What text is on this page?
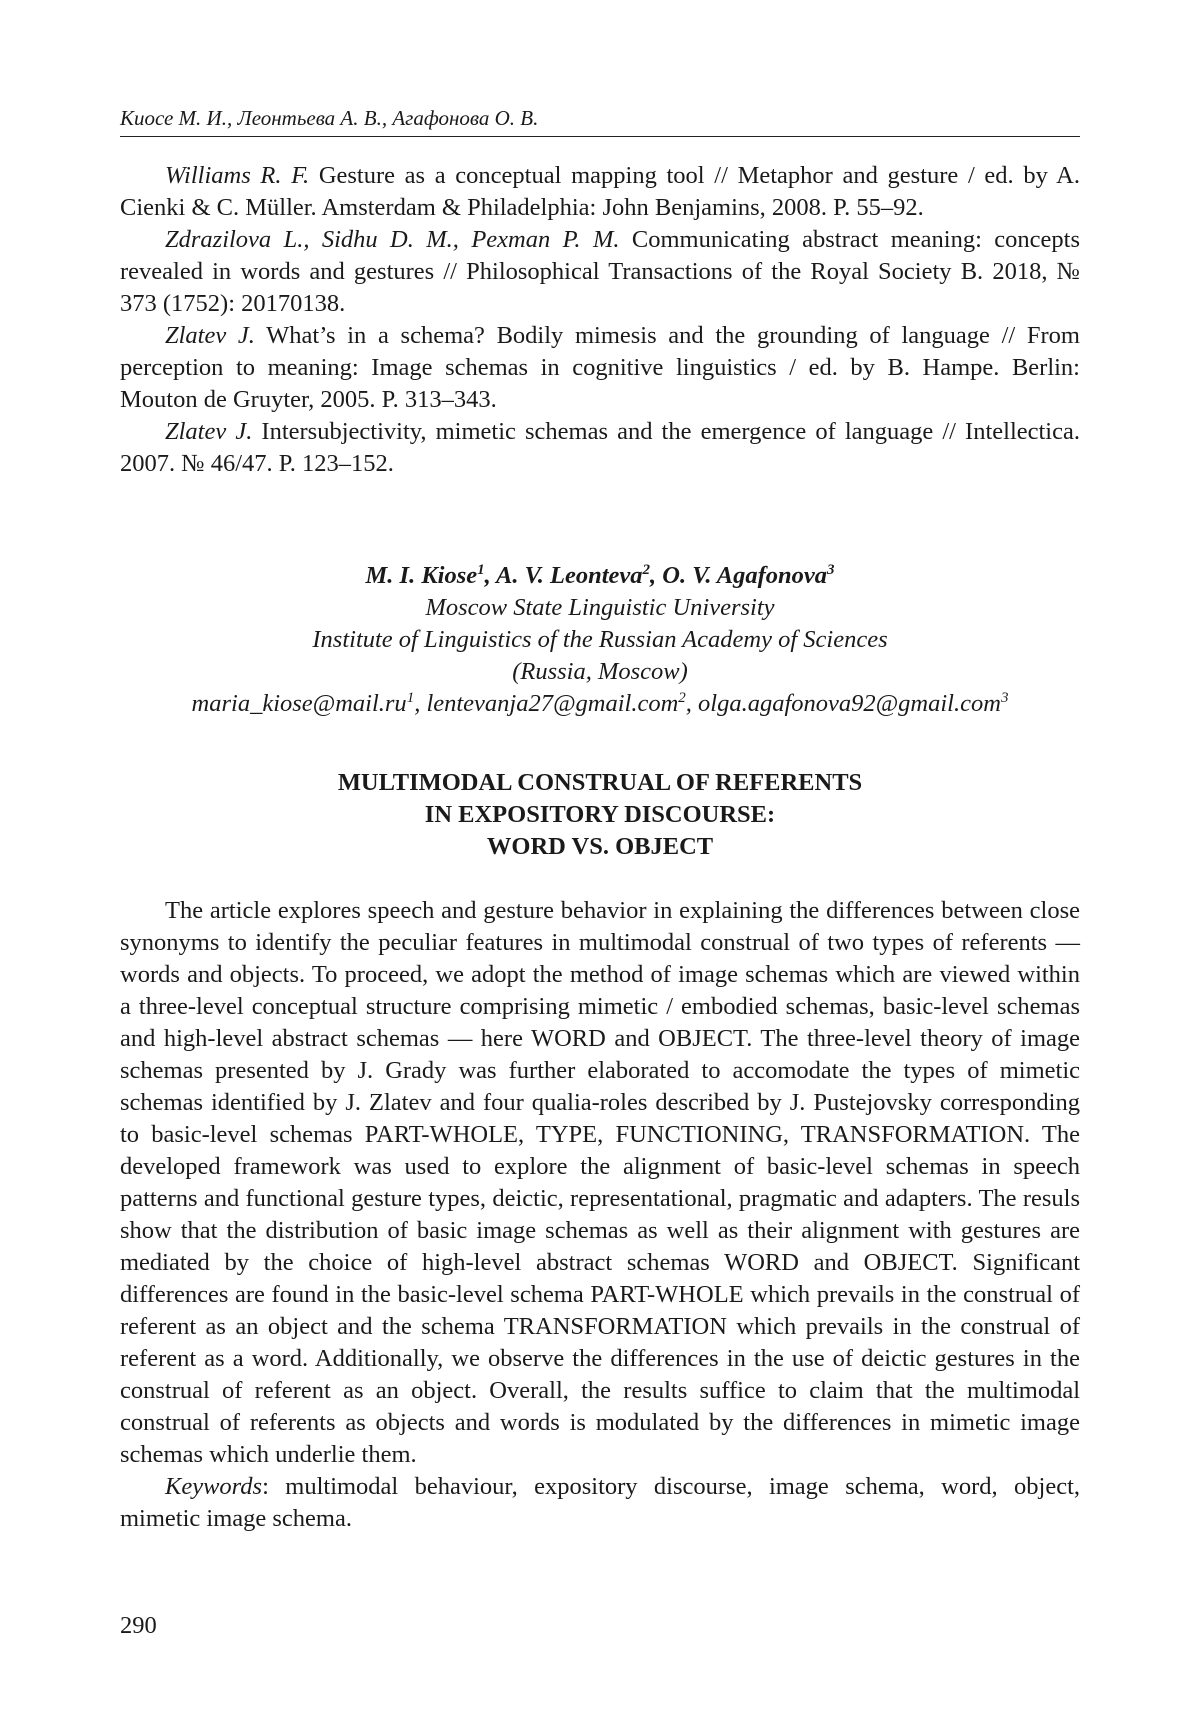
Киосе М. И., Леонтьева А. В., Агафонова О. В.

Williams R. F. Gesture as a conceptual mapping tool // Metaphor and gesture / ed. by A. Cienki & C. Müller. Amsterdam & Philadelphia: John Benjamins, 2008. P. 55–92.

Zdrazilova L., Sidhu D. M., Pexman P. M. Communicating abstract meaning: concepts revealed in words and gestures // Philosophical Transactions of the Royal Society B. 2018, № 373 (1752): 20170138.

Zlatev J. What’s in a schema? Bodily mimesis and the grounding of language // From perception to meaning: Image schemas in cognitive linguistics / ed. by B. Hampe. Berlin: Mouton de Gruyter, 2005. P. 313–343.

Zlatev J. Intersubjectivity, mimetic schemas and the emergence of language // Intellectica. 2007. № 46/47. P. 123–152.

M. I. Kiose$^1$, A. V. Leonteva$^2$, O. V. Agafonova$^3$

Moscow State Linguistic University

Institute of Linguistics of the Russian Academy of Sciences

(Russia, Moscow)

$maria\_kiose@mail.ru^1$, lentevanja27@gmail.com$^2$, olga.agafonova92@gmail.com$^3$

MULTIMODAL CONSTRUAL OF REFERENTS

IN EXPOSITORY DISCOURSE:

WORD VS. OBJECT

The article explores speech and gesture behavior in explaining the differences between close synonyms to identify the peculiar features in multimodal construal of two types of referents — words and objects. To proceed, we adopt the method of image schemas which are viewed within a three-level conceptual structure comprising mimetic / embodied schemas, basic-level schemas and high-level abstract schemas — here WORD and OBJECT. The three-level theory of image schemas presented by J. Grady was further elaborated to accomodate the types of mimetic schemas identified by J. Zlatev and four qualia-roles described by J. Pustejovsky corresponding to basic-level schemas PART-WHOLE, TYPE, FUNCTIONING, TRANSFORMATION. The developed framework was used to explore the alignment of basic-level schemas in speech patterns and functional gesture types, deictic, representational, pragmatic and adapters. The resuls show that the distribution of basic image schemas as well as their alignment with gestures are mediated by the choice of high-level abstract schemas WORD and OBJECT. Significant differences are found in the basic-level schema PART-WHOLE which prevails in the construal of referent as an object and the schema TRANSFORMATION which prevails in the construal of referent as a word. Additionally, we observe the differences in the use of deictic gestures in the construal of referent as an object. Overall, the results suffice to claim that the multimodal construal of referents as objects and words is modulated by the differences in mimetic image schemas which underlie them.

Keywords: multimodal behaviour, expository discourse, image schema, word, object, mimetic image schema.

290
